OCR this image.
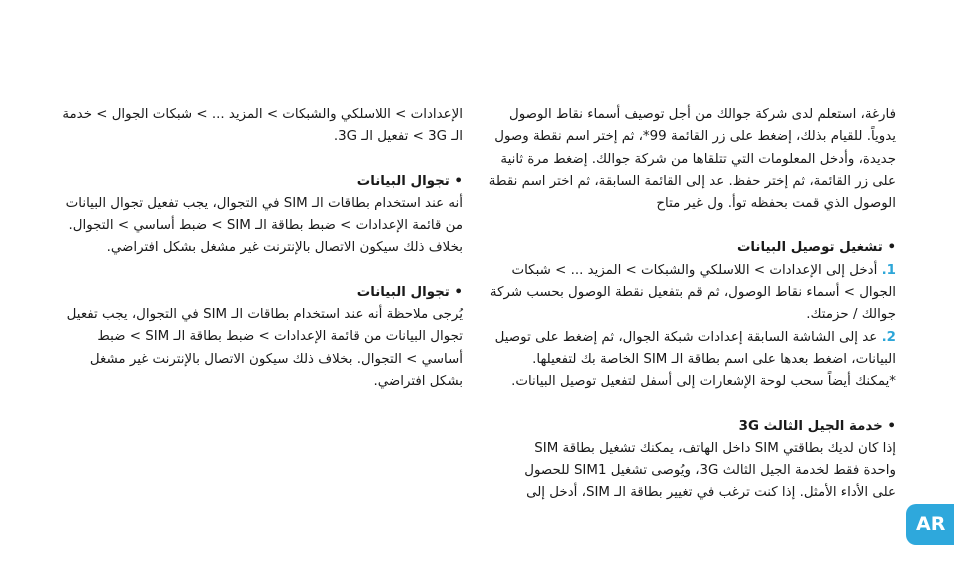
فارغة، استعلم لدى شركة جوالك من أجل توصيف أسماء نقاط الوصول
يدوياً. للقيام بذلك، إضغط على زر القائمة 99*، ثم إختر اسم نقطة وصول
جديدة، وأدخل المعلومات التي تتلقاها من شركة جوالك. إضغط مرة ثانية
على زر القائمة، ثم إختر حفظ. عد إلى القائمة السابقة، ثم اختر اسم نقطة
الوصول الذي قمت بحفظه توأ. ول غير متاح
• تشغيل توصيل البيانات
1. أدخل إلى الإعدادات > اللاسلكي والشبكات > المزيد ... > شبكات
الجوال > أسماء نقاط الوصول، ثم قم بتفعيل نقطة الوصول بحسب شركة
جوالك / حزمتك.
2. عد إلى الشاشة السابقة إعدادات شبكة الجوال، ثم إضغط على توصيل
البيانات، اضغط بعدها على اسم بطاقة الـ SIM الخاصة بك لتفعيلها.
*يمكنك أيضاً سحب لوحة الإشعارات إلى أسفل لتفعيل توصيل البيانات.
• خدمة الجيل الثالث 3G
إذا كان لديك بطاقتي SIM داخل الهاتف، يمكنك تشغيل بطاقة SIM
واحدة فقط لخدمة الجيل الثالث 3G، ويُوصى تشغيل SIM1 للحصول
على الأداء الأمثل. إذا كنت ترغب في تغيير بطاقة الـ SIM، أدخل إلى
الإعدادات > اللاسلكي والشبكات > المزيد ... > شبكات الجوال > خدمة
الـ 3G > تفعيل الـ 3G.
• تجوال البيانات
أنه عند استخدام بطاقات الـ SIM في التجوال، يجب تفعيل تجوال البيانات
من قائمة الإعدادات > ضبط بطاقة الـ SIM > ضبط أساسي > التجوال.
بخلاف ذلك سيكون الاتصال بالإنترنت غير مشغل بشكل افتراضي.
• تجوال البيانات
يُرجى ملاحظة أنه عند استخدام بطاقات الـ SIM في التجوال، يجب تفعيل
تجوال البيانات من قائمة الإعدادات > ضبط بطاقة الـ SIM > ضبط
أساسي > التجوال. بخلاف ذلك سيكون الاتصال بالإنترنت غير مشغل
بشكل افتراضي.
AR
